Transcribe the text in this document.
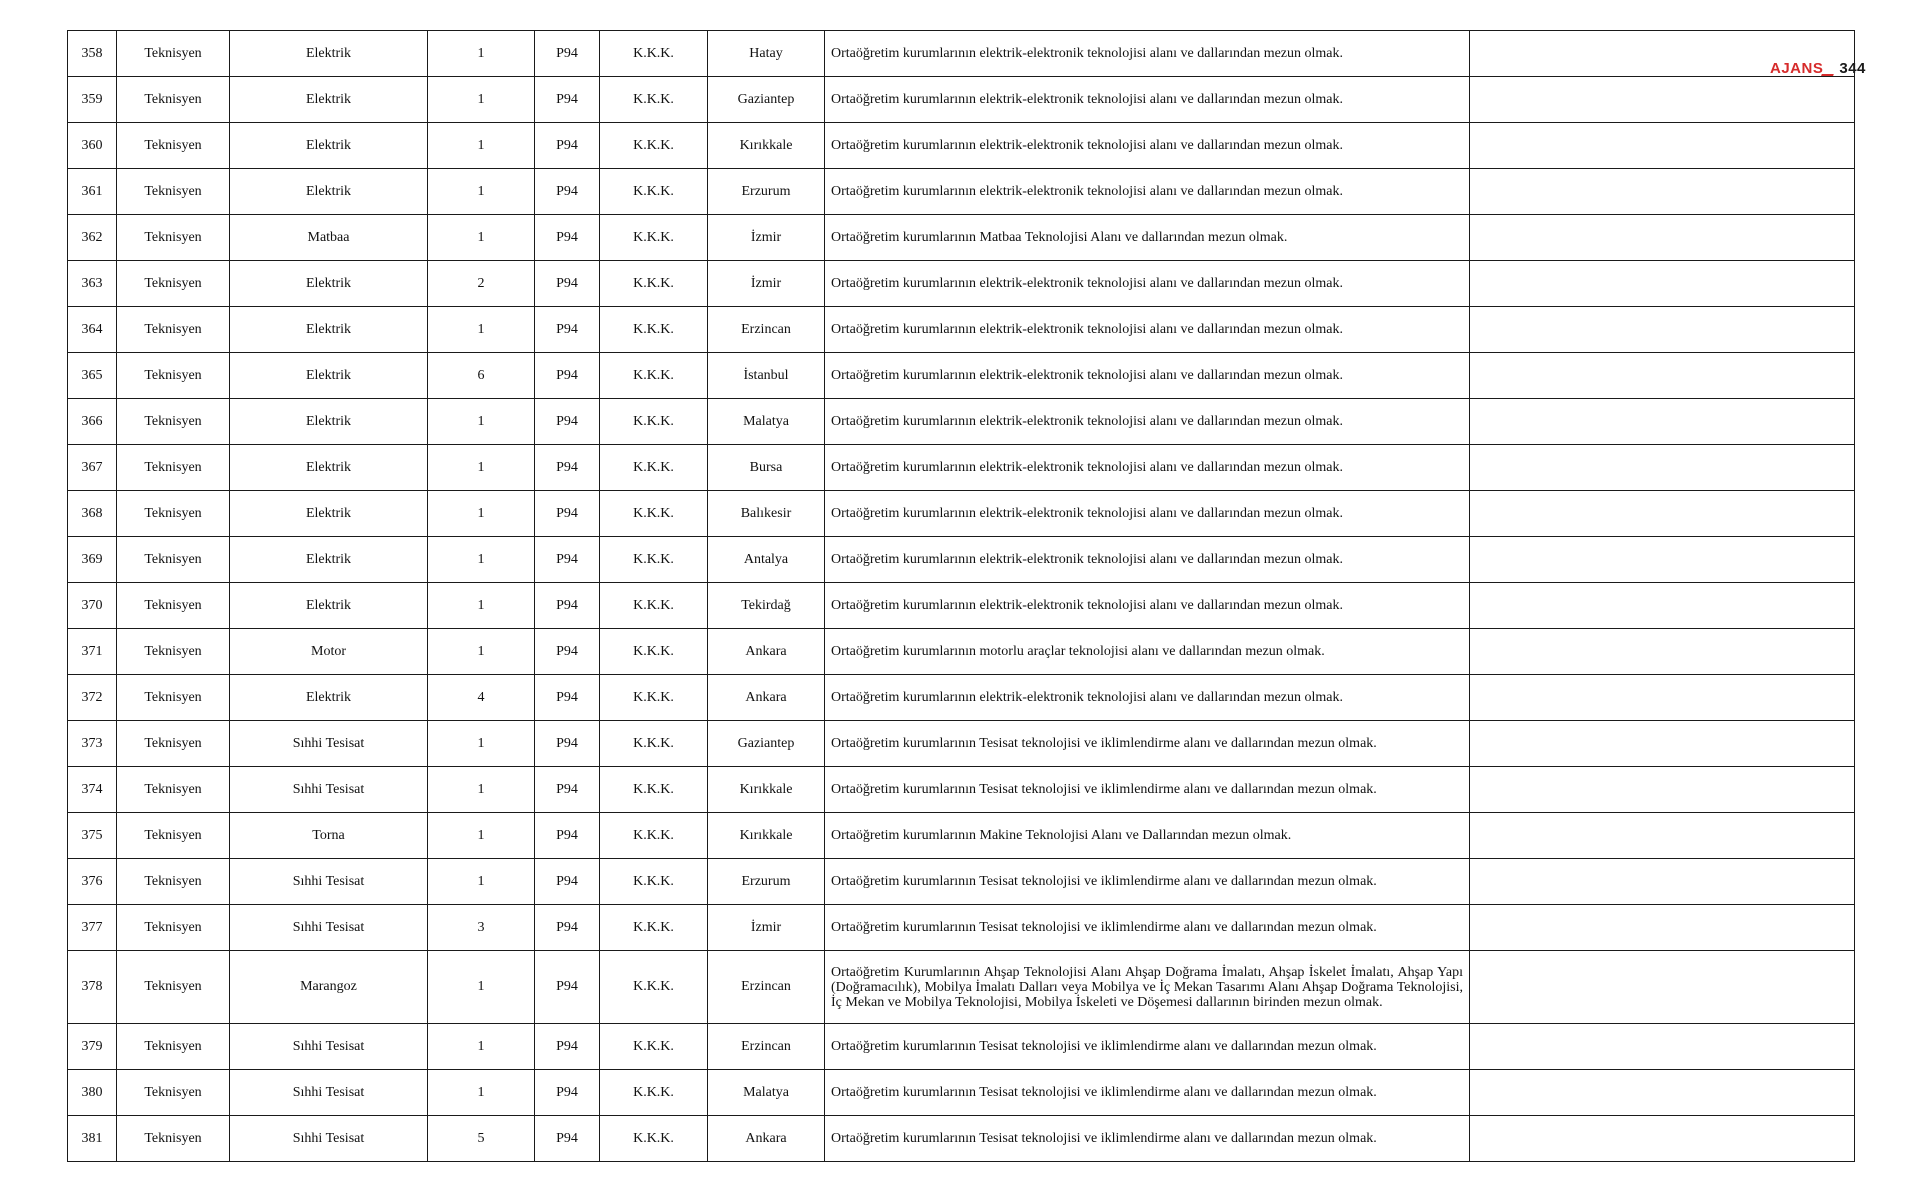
AJANS 344
358	Teknisyen	Elektrik	1	P94	K.K.K.	Hatay	Ortaöğretim kurumlarının elektrik-elektronik teknolojisi alanı ve dallarından mezun olmak.	
359	Teknisyen	Elektrik	1	P94	K.K.K.	Gaziantep	Ortaöğretim kurumlarının elektrik-elektronik teknolojisi alanı ve dallarından mezun olmak.	
360	Teknisyen	Elektrik	1	P94	K.K.K.	Kırıkkale	Ortaöğretim kurumlarının elektrik-elektronik teknolojisi alanı ve dallarından mezun olmak.	
361	Teknisyen	Elektrik	1	P94	K.K.K.	Erzurum	Ortaöğretim kurumlarının elektrik-elektronik teknolojisi alanı ve dallarından mezun olmak.	
362	Teknisyen	Matbaa	1	P94	K.K.K.	İzmir	Ortaöğretim kurumlarının Matbaa Teknolojisi Alanı ve dallarından mezun olmak.	
363	Teknisyen	Elektrik	2	P94	K.K.K.	İzmir	Ortaöğretim kurumlarının elektrik-elektronik teknolojisi alanı ve dallarından mezun olmak.	
364	Teknisyen	Elektrik	1	P94	K.K.K.	Erzincan	Ortaöğretim kurumlarının elektrik-elektronik teknolojisi alanı ve dallarından mezun olmak.	
365	Teknisyen	Elektrik	6	P94	K.K.K.	İstanbul	Ortaöğretim kurumlarının elektrik-elektronik teknolojisi alanı ve dallarından mezun olmak.	
366	Teknisyen	Elektrik	1	P94	K.K.K.	Malatya	Ortaöğretim kurumlarının elektrik-elektronik teknolojisi alanı ve dallarından mezun olmak.	
367	Teknisyen	Elektrik	1	P94	K.K.K.	Bursa	Ortaöğretim kurumlarının elektrik-elektronik teknolojisi alanı ve dallarından mezun olmak.	
368	Teknisyen	Elektrik	1	P94	K.K.K.	Balıkesir	Ortaöğretim kurumlarının elektrik-elektronik teknolojisi alanı ve dallarından mezun olmak.	
369	Teknisyen	Elektrik	1	P94	K.K.K.	Antalya	Ortaöğretim kurumlarının elektrik-elektronik teknolojisi alanı ve dallarından mezun olmak.	
370	Teknisyen	Elektrik	1	P94	K.K.K.	Tekirdağ	Ortaöğretim kurumlarının elektrik-elektronik teknolojisi alanı ve dallarından mezun olmak.	
371	Teknisyen	Motor	1	P94	K.K.K.	Ankara	Ortaöğretim kurumlarının motorlu araçlar teknolojisi alanı ve dallarından mezun olmak.	
372	Teknisyen	Elektrik	4	P94	K.K.K.	Ankara	Ortaöğretim kurumlarının elektrik-elektronik teknolojisi alanı ve dallarından mezun olmak.	
373	Teknisyen	Sıhhi Tesisat	1	P94	K.K.K.	Gaziantep	Ortaöğretim kurumlarının Tesisat teknolojisi ve iklimlendirme alanı ve dallarından mezun olmak.	
374	Teknisyen	Sıhhi Tesisat	1	P94	K.K.K.	Kırıkkale	Ortaöğretim kurumlarının Tesisat teknolojisi ve iklimlendirme alanı ve dallarından mezun olmak.	
375	Teknisyen	Torna	1	P94	K.K.K.	Kırıkkale	Ortaöğretim kurumlarının Makine Teknolojisi Alanı ve Dallarından mezun olmak.	
376	Teknisyen	Sıhhi Tesisat	1	P94	K.K.K.	Erzurum	Ortaöğretim kurumlarının Tesisat teknolojisi ve iklimlendirme alanı ve dallarından mezun olmak.	
377	Teknisyen	Sıhhi Tesisat	3	P94	K.K.K.	İzmir	Ortaöğretim kurumlarının Tesisat teknolojisi ve iklimlendirme alanı ve dallarından mezun olmak.	
378	Teknisyen	Marangoz	1	P94	K.K.K.	Erzincan	Ortaöğretim Kurumlarının Ahşap Teknolojisi Alanı Ahşap Doğrama İmalatı, Ahşap İskelet İmalatı, Ahşap Yapı (Doğramacılık), Mobilya İmalatı Dalları veya Mobilya ve İç Mekan Tasarımı Alanı Ahşap Doğrama Teknolojisi, İç Mekan ve Mobilya Teknolojisi, Mobilya İskeleti ve Döşemesi dallarının birinden mezun olmak.	
379	Teknisyen	Sıhhi Tesisat	1	P94	K.K.K.	Erzincan	Ortaöğretim kurumlarının Tesisat teknolojisi ve iklimlendirme alanı ve dallarından mezun olmak.	
380	Teknisyen	Sıhhi Tesisat	1	P94	K.K.K.	Malatya	Ortaöğretim kurumlarının Tesisat teknolojisi ve iklimlendirme alanı ve dallarından mezun olmak.	
381	Teknisyen	Sıhhi Tesisat	5	P94	K.K.K.	Ankara	Ortaöğretim kurumlarının Tesisat teknolojisi ve iklimlendirme alanı ve dallarından mezun olmak.	
